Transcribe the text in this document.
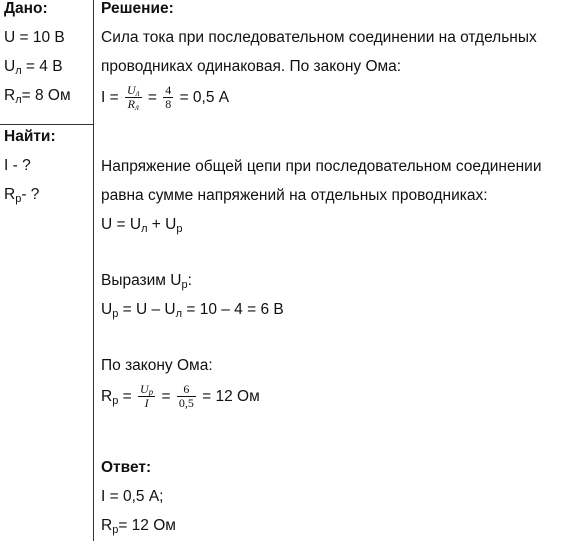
Дано:
U = 10 В
$U_л = 4$ В
$R_л= 8$ Ом
Найти:
I - ?
$R_р-$ ?
Решение:
Сила тока при последовательном соединении на отдельных
проводниках одинаковая. По закону Ома:
$I = \frac{U_л}{R_л} = \frac{4}{8} = 0,5$ А
Напряжение общей цепи при последовательном соединении
равна сумме напряжений на отдельных проводниках:
$U = U_л + U_р$
Выразим $U_р$:
$U_р = U - U_л = 10 - 4 = 6$ В
По закону Ома:
$R_р = \frac{U_р}{I} = \frac{6}{0,5} = 12$ Ом
Ответ:
I = 0,5 А;
$R_р= 12$ Ом
